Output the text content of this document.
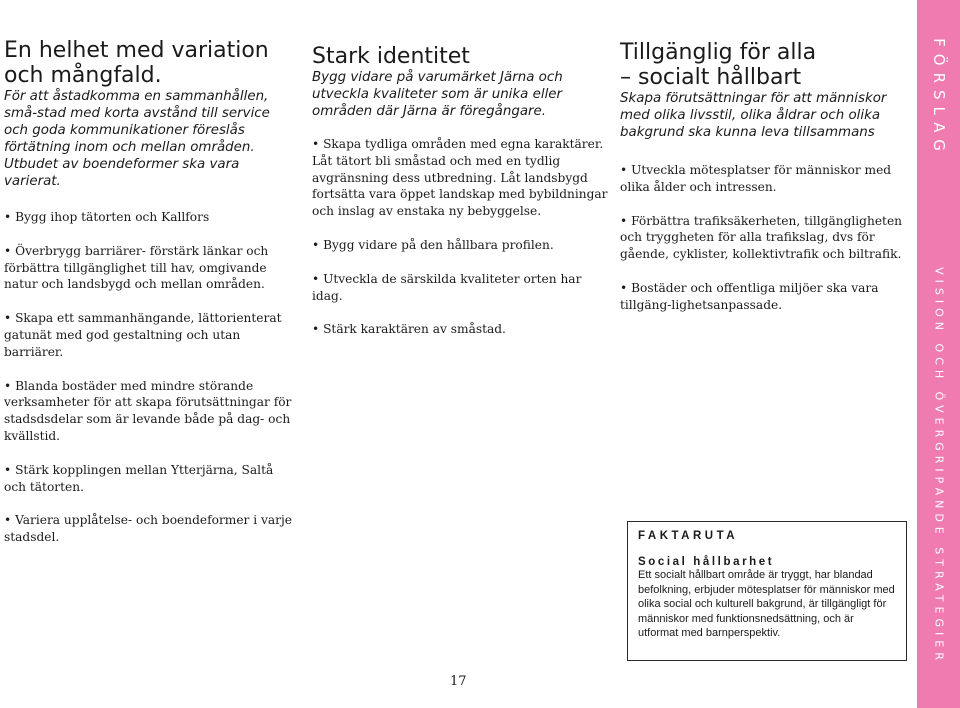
En helhet med variation
och mångfald.

För att åstadkomma en sammanhållen, små-stad med korta avstånd till service och goda kommunikationer föreslås förtätning inom och mellan områden. Utbudet av boendeformer ska vara varierat.

• Bygg ihop tätorten och Kallfors
• Överbrygg barriärer- förstärk länkar och förbättra tillgänglighet till hav, omgivande natur och landsbygd och mellan områden.
• Skapa ett sammanhängande, lättorienterat gatunät med god gestaltning och utan barriärer.
• Blanda bostäder med mindre störande verksamheter för att skapa förutsättningar för stadsdsdelar som är levande både på dag- och kvällstid.
• Stärk kopplingen mellan Ytterjärna, Saltå och tätorten.
• Variera upplåtelse- och boendeformer i varje stadsdel.
Stark identitet

Bygg vidare på varumärket Järna och utveckla kvaliteter som är unika eller områden där Järna är föregångare.

• Skapa tydliga områden med egna karaktärer. Låt tätort bli småstad och med en tydlig avgränsning dess utbredning. Låt landsbygd fortsätta vara öppet landskap med bybildningar och inslag av enstaka ny bebyggelse.
• Bygg vidare på den hållbara profilen.
• Utveckla de särskilda kvaliteter orten har idag.
• Stärk karaktären av småstad.
Tillgänglig för alla
– socialt hållbart

Skapa förutsättningar för att människor med olika livsstil, olika åldrar och olika bakgrund ska kunna leva tillsammans

• Utveckla mötesplatser för människor med olika ålder och intressen.
• Förbättra trafiksäkerheten, tillgängligheten och tryggheten för alla trafikslag, dvs för gående, cyklister, kollektivtrafik och biltrafik.
• Bostäder och offentliga miljöer ska vara tillgäng-lighetsanpassade.

FAKTARUTA

Social hållbarhet

Ett socialt hållbart område är tryggt, har blandad befolkning, erbjuder mötesplatser för människor med olika social och kulturell bakgrund, är tillgängligt för människor med funktionsnedsättning, och är utformat med barnperspektiv.

17
FÖRSLAG
VISION OCH ÖVERGRIPANDE STRATEGIER
